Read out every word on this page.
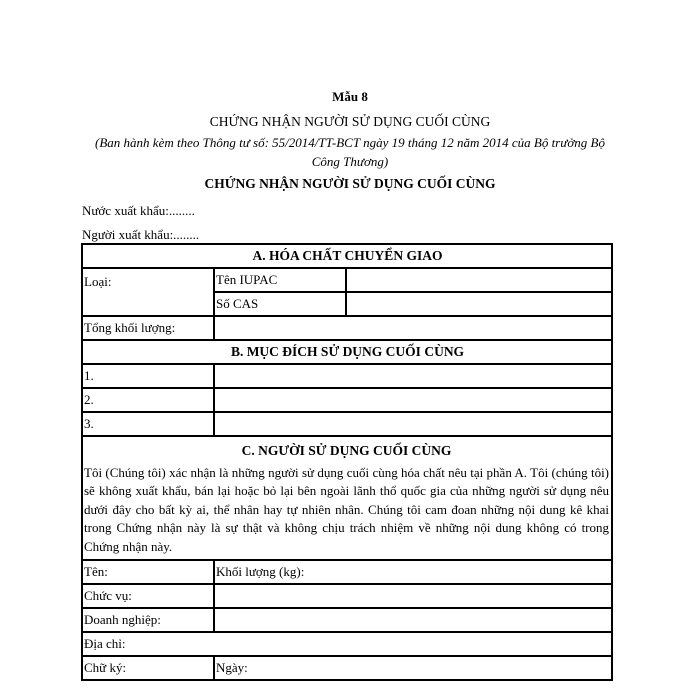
Mẫu 8
CHỨNG NHẬN NGƯỜI SỬ DỤNG CUỐI CÙNG
(Ban hành kèm theo Thông tư số: 55/2014/TT-BCT ngày 19 tháng 12 năm 2014 của Bộ trưởng Bộ Công Thương)
CHỨNG NHẬN NGƯỜI SỬ DỤNG CUỐI CÙNG
Nước xuất khẩu:........
Người xuất khẩu:........
A. HÓA CHẤT CHUYỂN GIAO		
Loại:	Tên IUPAC	
	Số CAS	
Tổng khối lượng:		
B. MỤC ĐÍCH SỬ DỤNG CUỐI CÙNG		
1.		
2.		
3.		

C. NGƯỜI SỬ DỤNG CUỐI CÙNG
Tôi (Chúng tôi) xác nhận là những người sử dụng cuối cùng hóa chất nêu tại phần A. Tôi (chúng tôi) sẽ không xuất khẩu, bán lại hoặc bỏ lại bên ngoài lãnh thổ quốc gia của những người sử dụng nêu dưới đây cho bất kỳ ai, thể nhân hay tự nhiên nhân. Chúng tôi cam đoan những nội dung kê khai trong Chứng nhận này là sự thật và không chịu trách nhiệm về những nội dung không có trong Chứng nhận này.		
Tên:	Khối lượng (kg):	
Chức vụ:		
Doanh nghiệp:		
Địa chỉ:		
Chữ ký:	Ngày:	
